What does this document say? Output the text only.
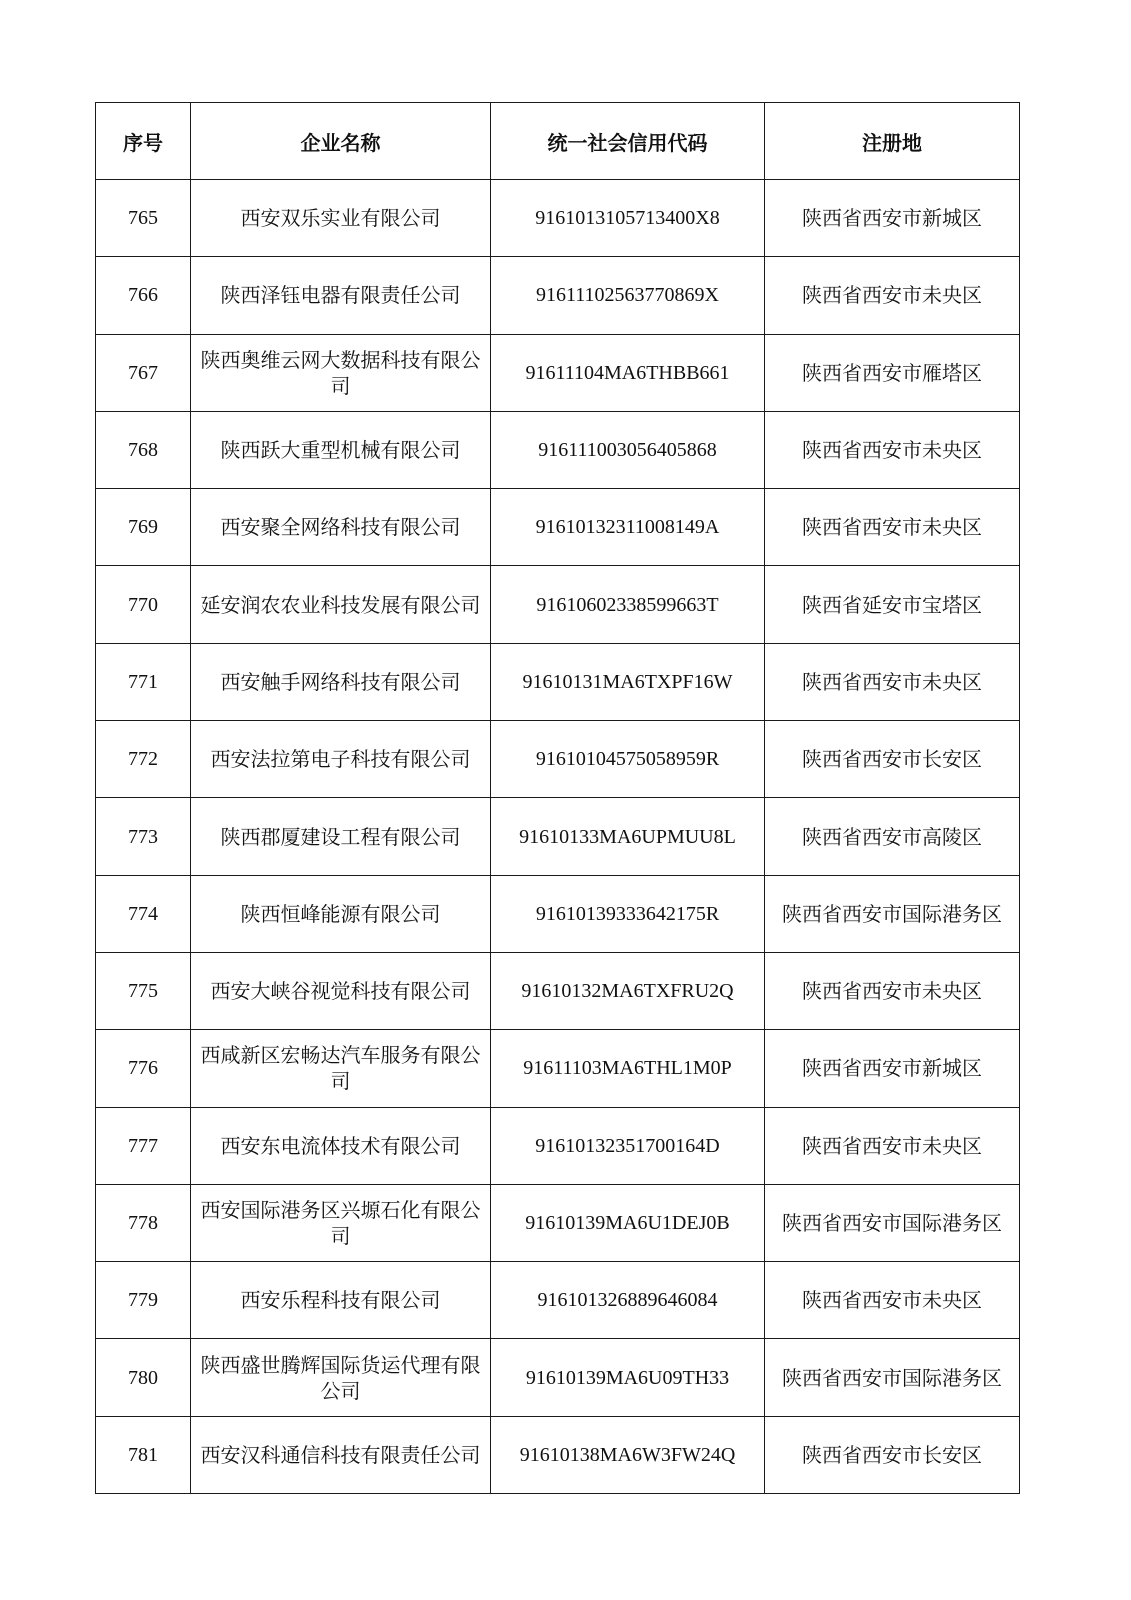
序号	企业名称	统一社会信用代码	注册地
765	西安双乐实业有限公司	9161013105713400X8	陕西省西安市新城区
766	陕西泽钰电器有限责任公司	91611102563770869X	陕西省西安市未央区
767	陕西奥维云网大数据科技有限公司	91611104MA6THBB661	陕西省西安市雁塔区
768	陕西跃大重型机械有限公司	916111003056405868	陕西省西安市未央区
769	西安聚全网络科技有限公司	91610132311008149A	陕西省西安市未央区
770	延安润农农业科技发展有限公司	91610602338599663T	陕西省延安市宝塔区
771	西安触手网络科技有限公司	91610131MA6TXPF16W	陕西省西安市未央区
772	西安法拉第电子科技有限公司	91610104575058959R	陕西省西安市长安区
773	陕西郡厦建设工程有限公司	91610133MA6UPMUU8L	陕西省西安市高陵区
774	陕西恒峰能源有限公司	91610139333642175R	陕西省西安市国际港务区
775	西安大峡谷视觉科技有限公司	91610132MA6TXFRU2Q	陕西省西安市未央区
776	西咸新区宏畅达汽车服务有限公司	91611103MA6THL1M0P	陕西省西安市新城区
777	西安东电流体技术有限公司	91610132351700164D	陕西省西安市未央区
778	西安国际港务区兴塬石化有限公司	91610139MA6U1DEJ0B	陕西省西安市国际港务区
779	西安乐程科技有限公司	916101326889646084	陕西省西安市未央区
780	陕西盛世腾辉国际货运代理有限公司	91610139MA6U09TH33	陕西省西安市国际港务区
781	西安汉科通信科技有限责任公司	91610138MA6W3FW24Q	陕西省西安市长安区
